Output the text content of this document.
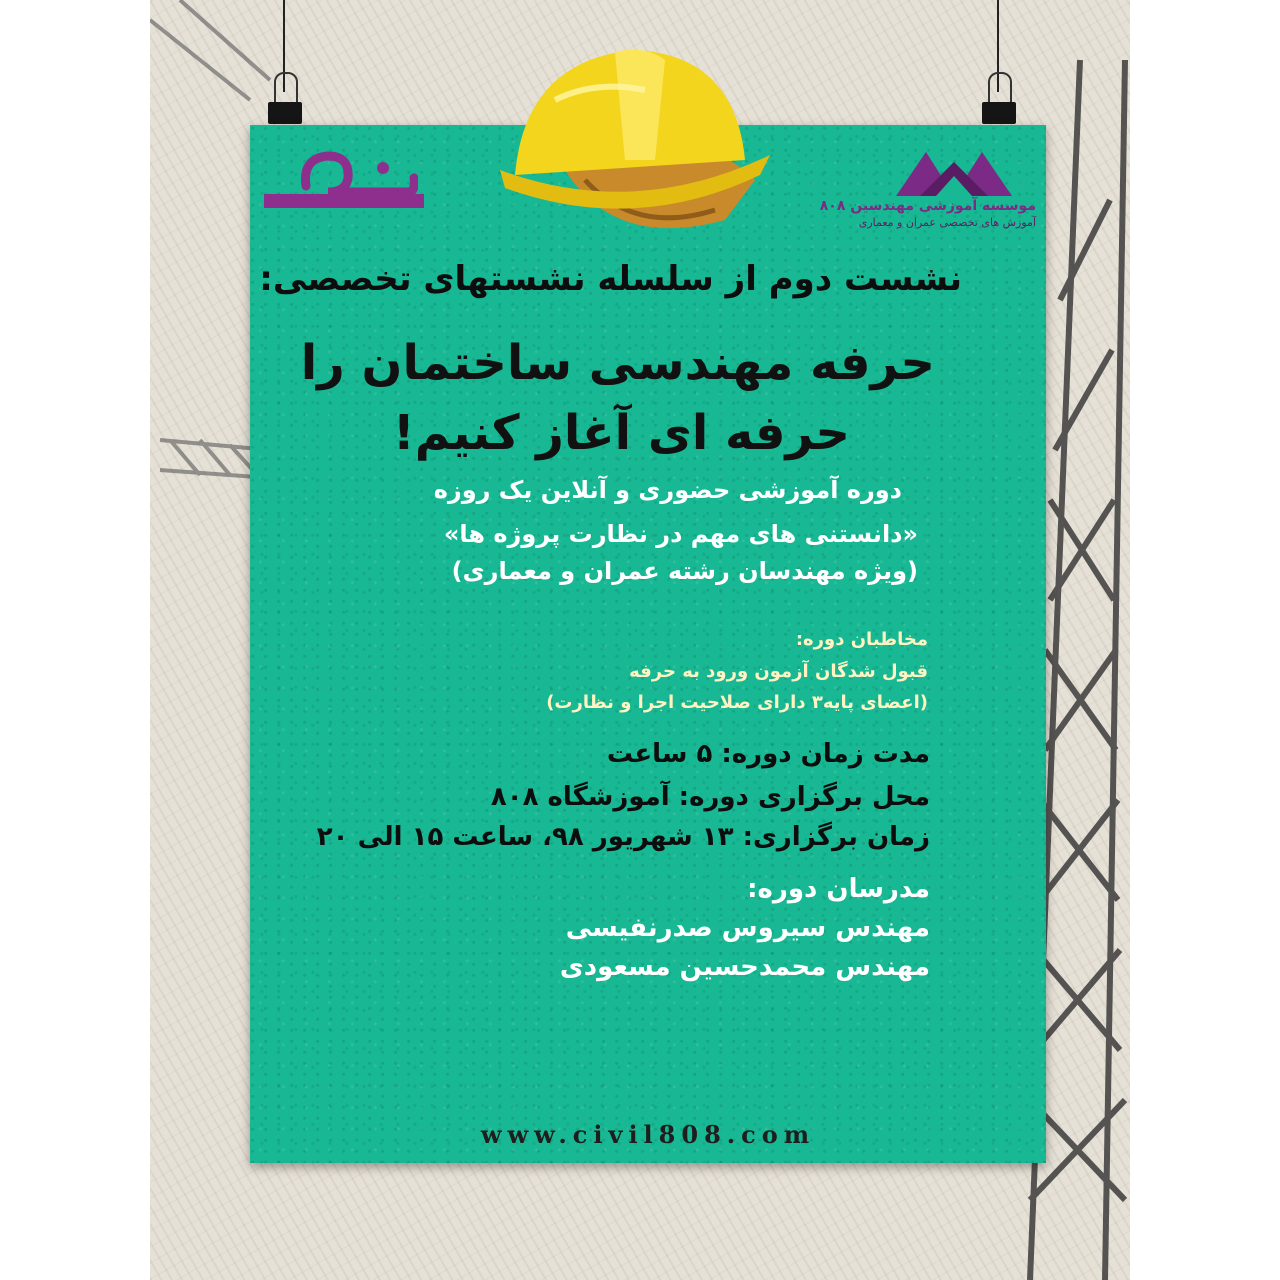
موسسه آموزشی مهندسین ۸۰۸
آموزش های تخصصی عمران و معماری
نشست دوم از سلسله نشستهای تخصصی:
حرفه مهندسی ساختمان را
حرفه ای آغاز کنیم!
دوره آموزشی حضوری و آنلاین یک روزه
«دانستنی های مهم در نظارت پروژه ها»
(ویژه مهندسان رشته عمران و معماری)
مخاطبان دوره:
قبول شدگان آزمون ورود به حرفه
(اعضای پایه۳ دارای صلاحیت اجرا و نظارت)
مدت زمان دوره: ۵ ساعت
محل برگزاری دوره: آموزشگاه ۸۰۸
زمان برگزاری: ۱۳ شهریور ۹۸، ساعت ۱۵ الی ۲۰
مدرسان دوره:
مهندس سیروس صدرنفیسی
مهندس محمدحسین مسعودی
www.civil808.com
